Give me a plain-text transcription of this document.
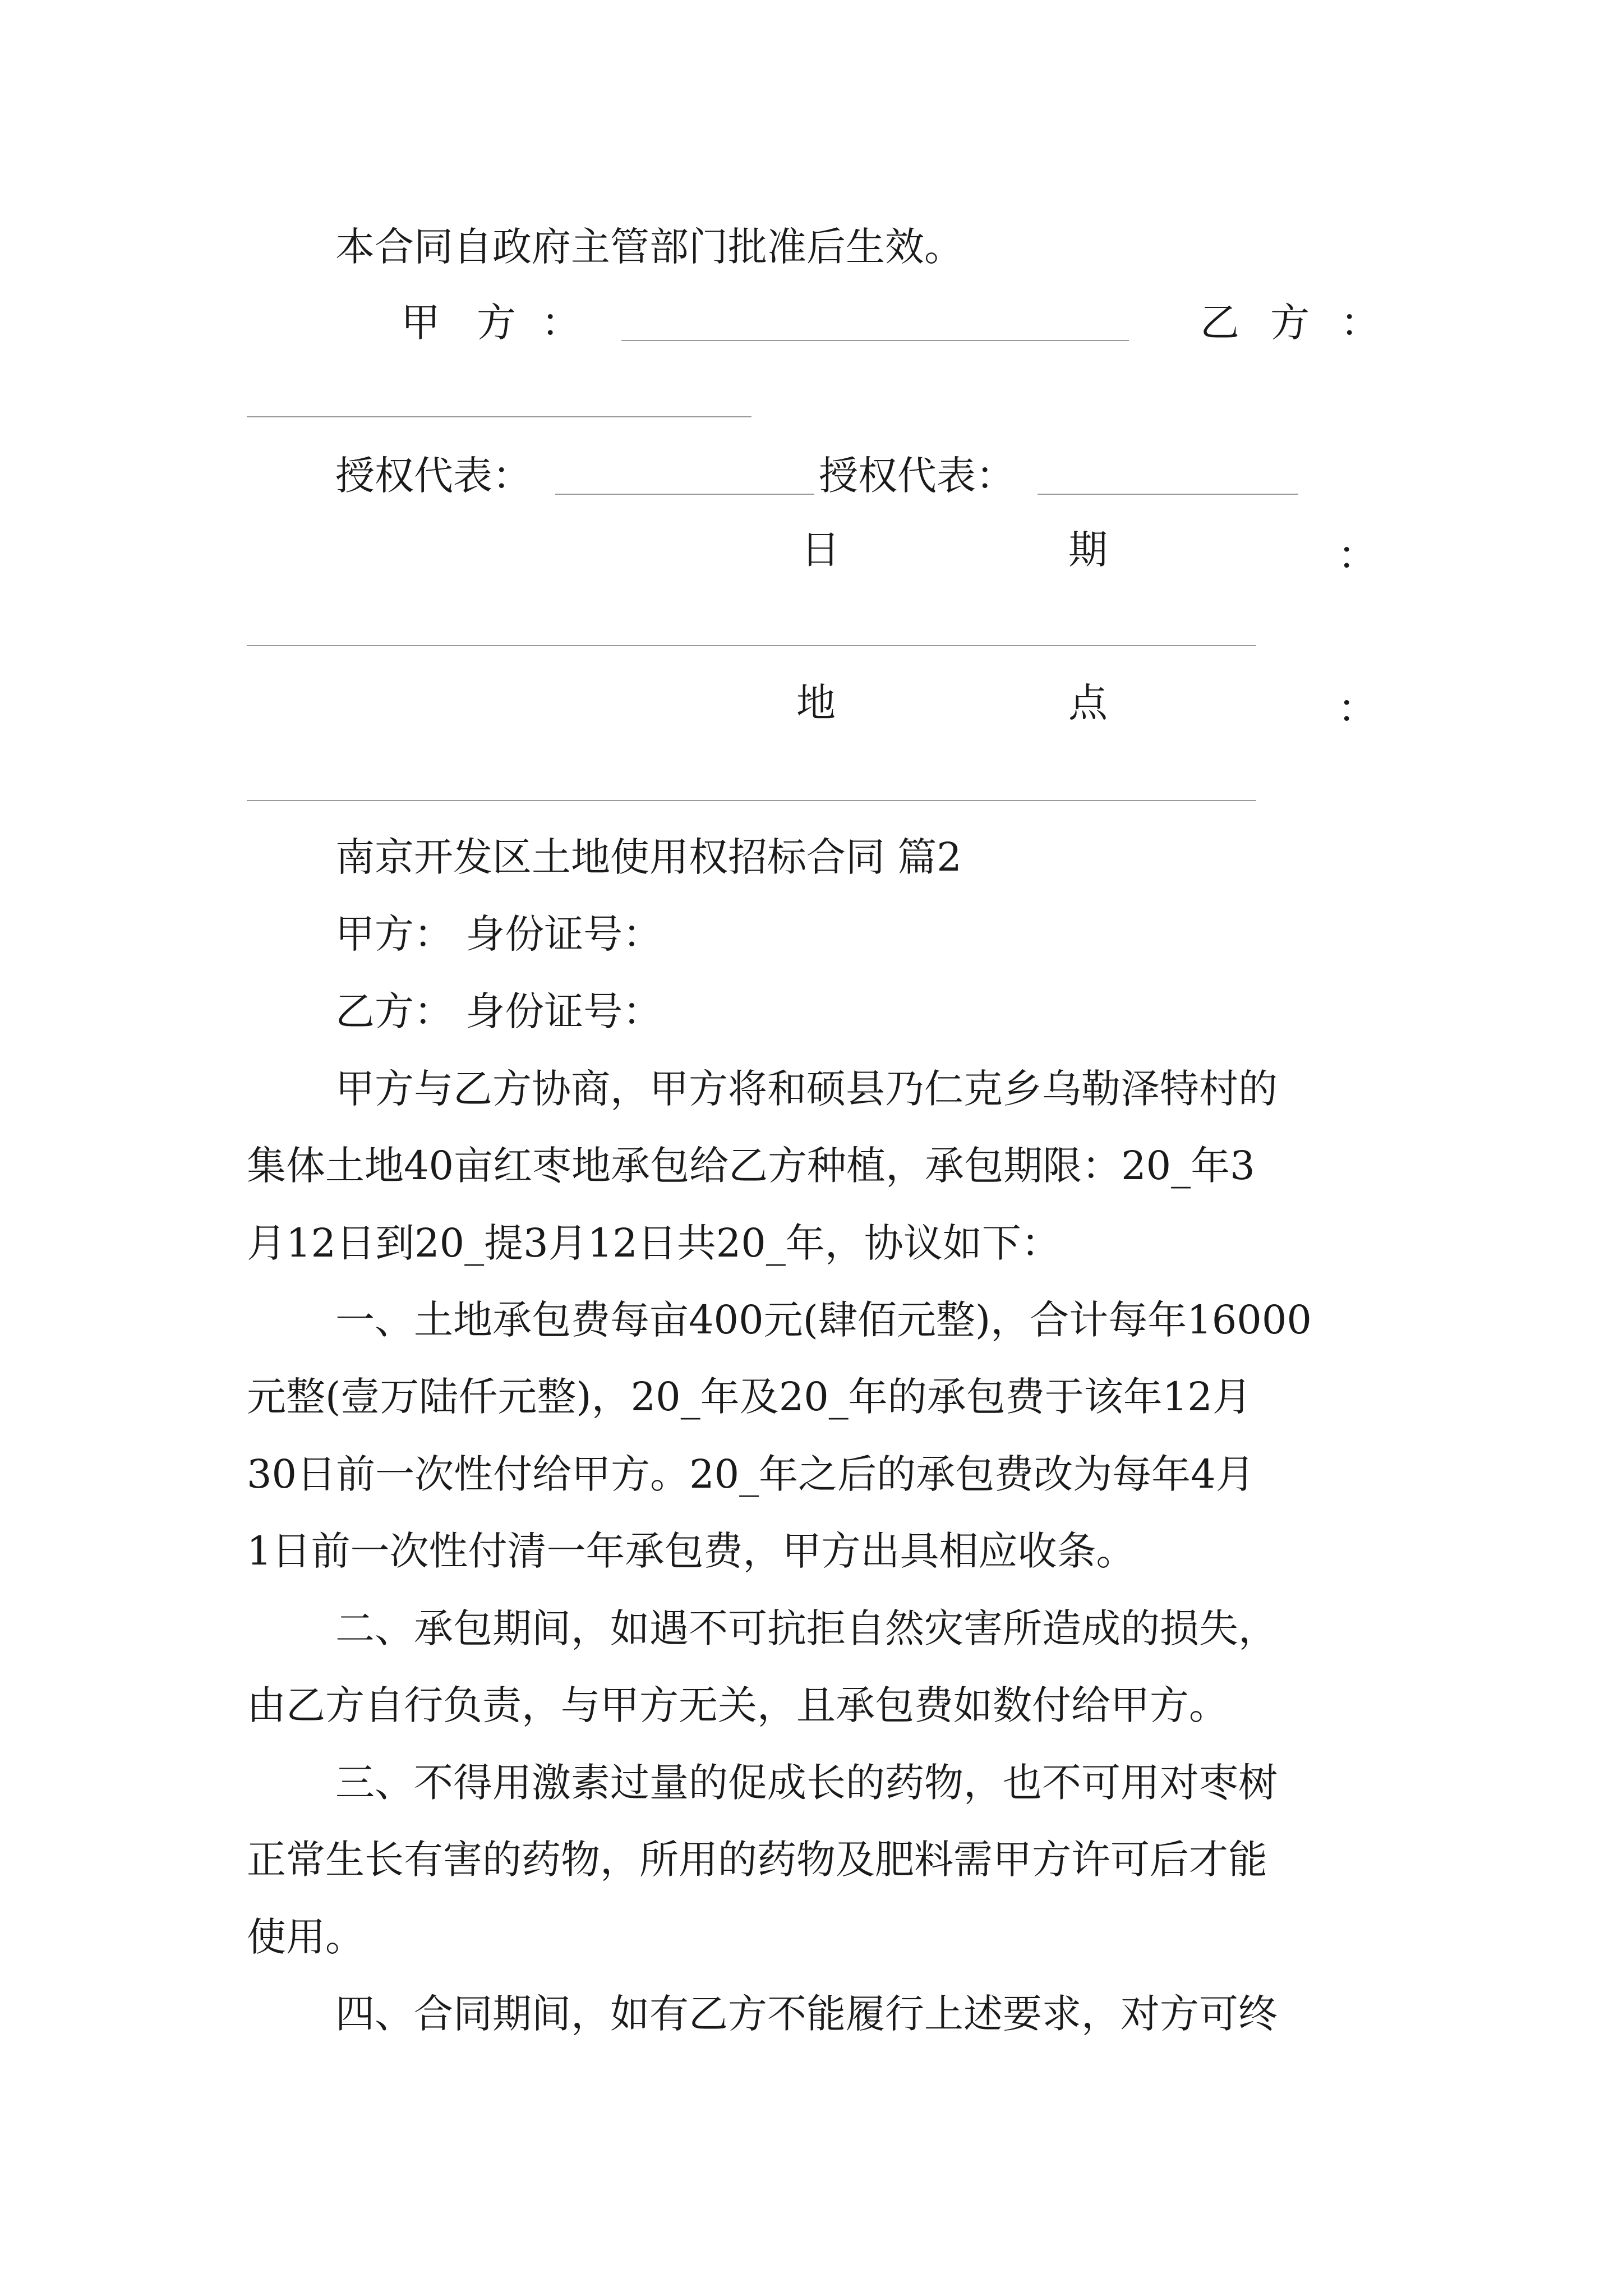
本合同自政府主管部门批准后生效。

甲 方 ：	乙 方 ：
授权代表：	授权代表：
日	期	：
地	点	：

南京开发区土地使用权招标合同 篇2

甲方： 身份证号：

乙方： 身份证号：

甲方与乙方协商，甲方将和硕县乃仁克乡乌勒泽特村的

集体土地40亩红枣地承包给乙方种植，承包期限：20_年3

月12日到20_提3月12日共20_年，协议如下：

一、土地承包费每亩400元(肆佰元整)，合计每年16000

元整(壹万陆仟元整)，20_年及20_年的承包费于该年12月

30日前一次性付给甲方。20_年之后的承包费改为每年4月

1日前一次性付清一年承包费，甲方出具相应收条。

二、承包期间，如遇不可抗拒自然灾害所造成的损失，

由乙方自行负责，与甲方无关，且承包费如数付给甲方。

三、不得用激素过量的促成长的药物，也不可用对枣树

正常生长有害的药物，所用的药物及肥料需甲方许可后才能

使用。

四、合同期间，如有乙方不能履行上述要求，对方可终
